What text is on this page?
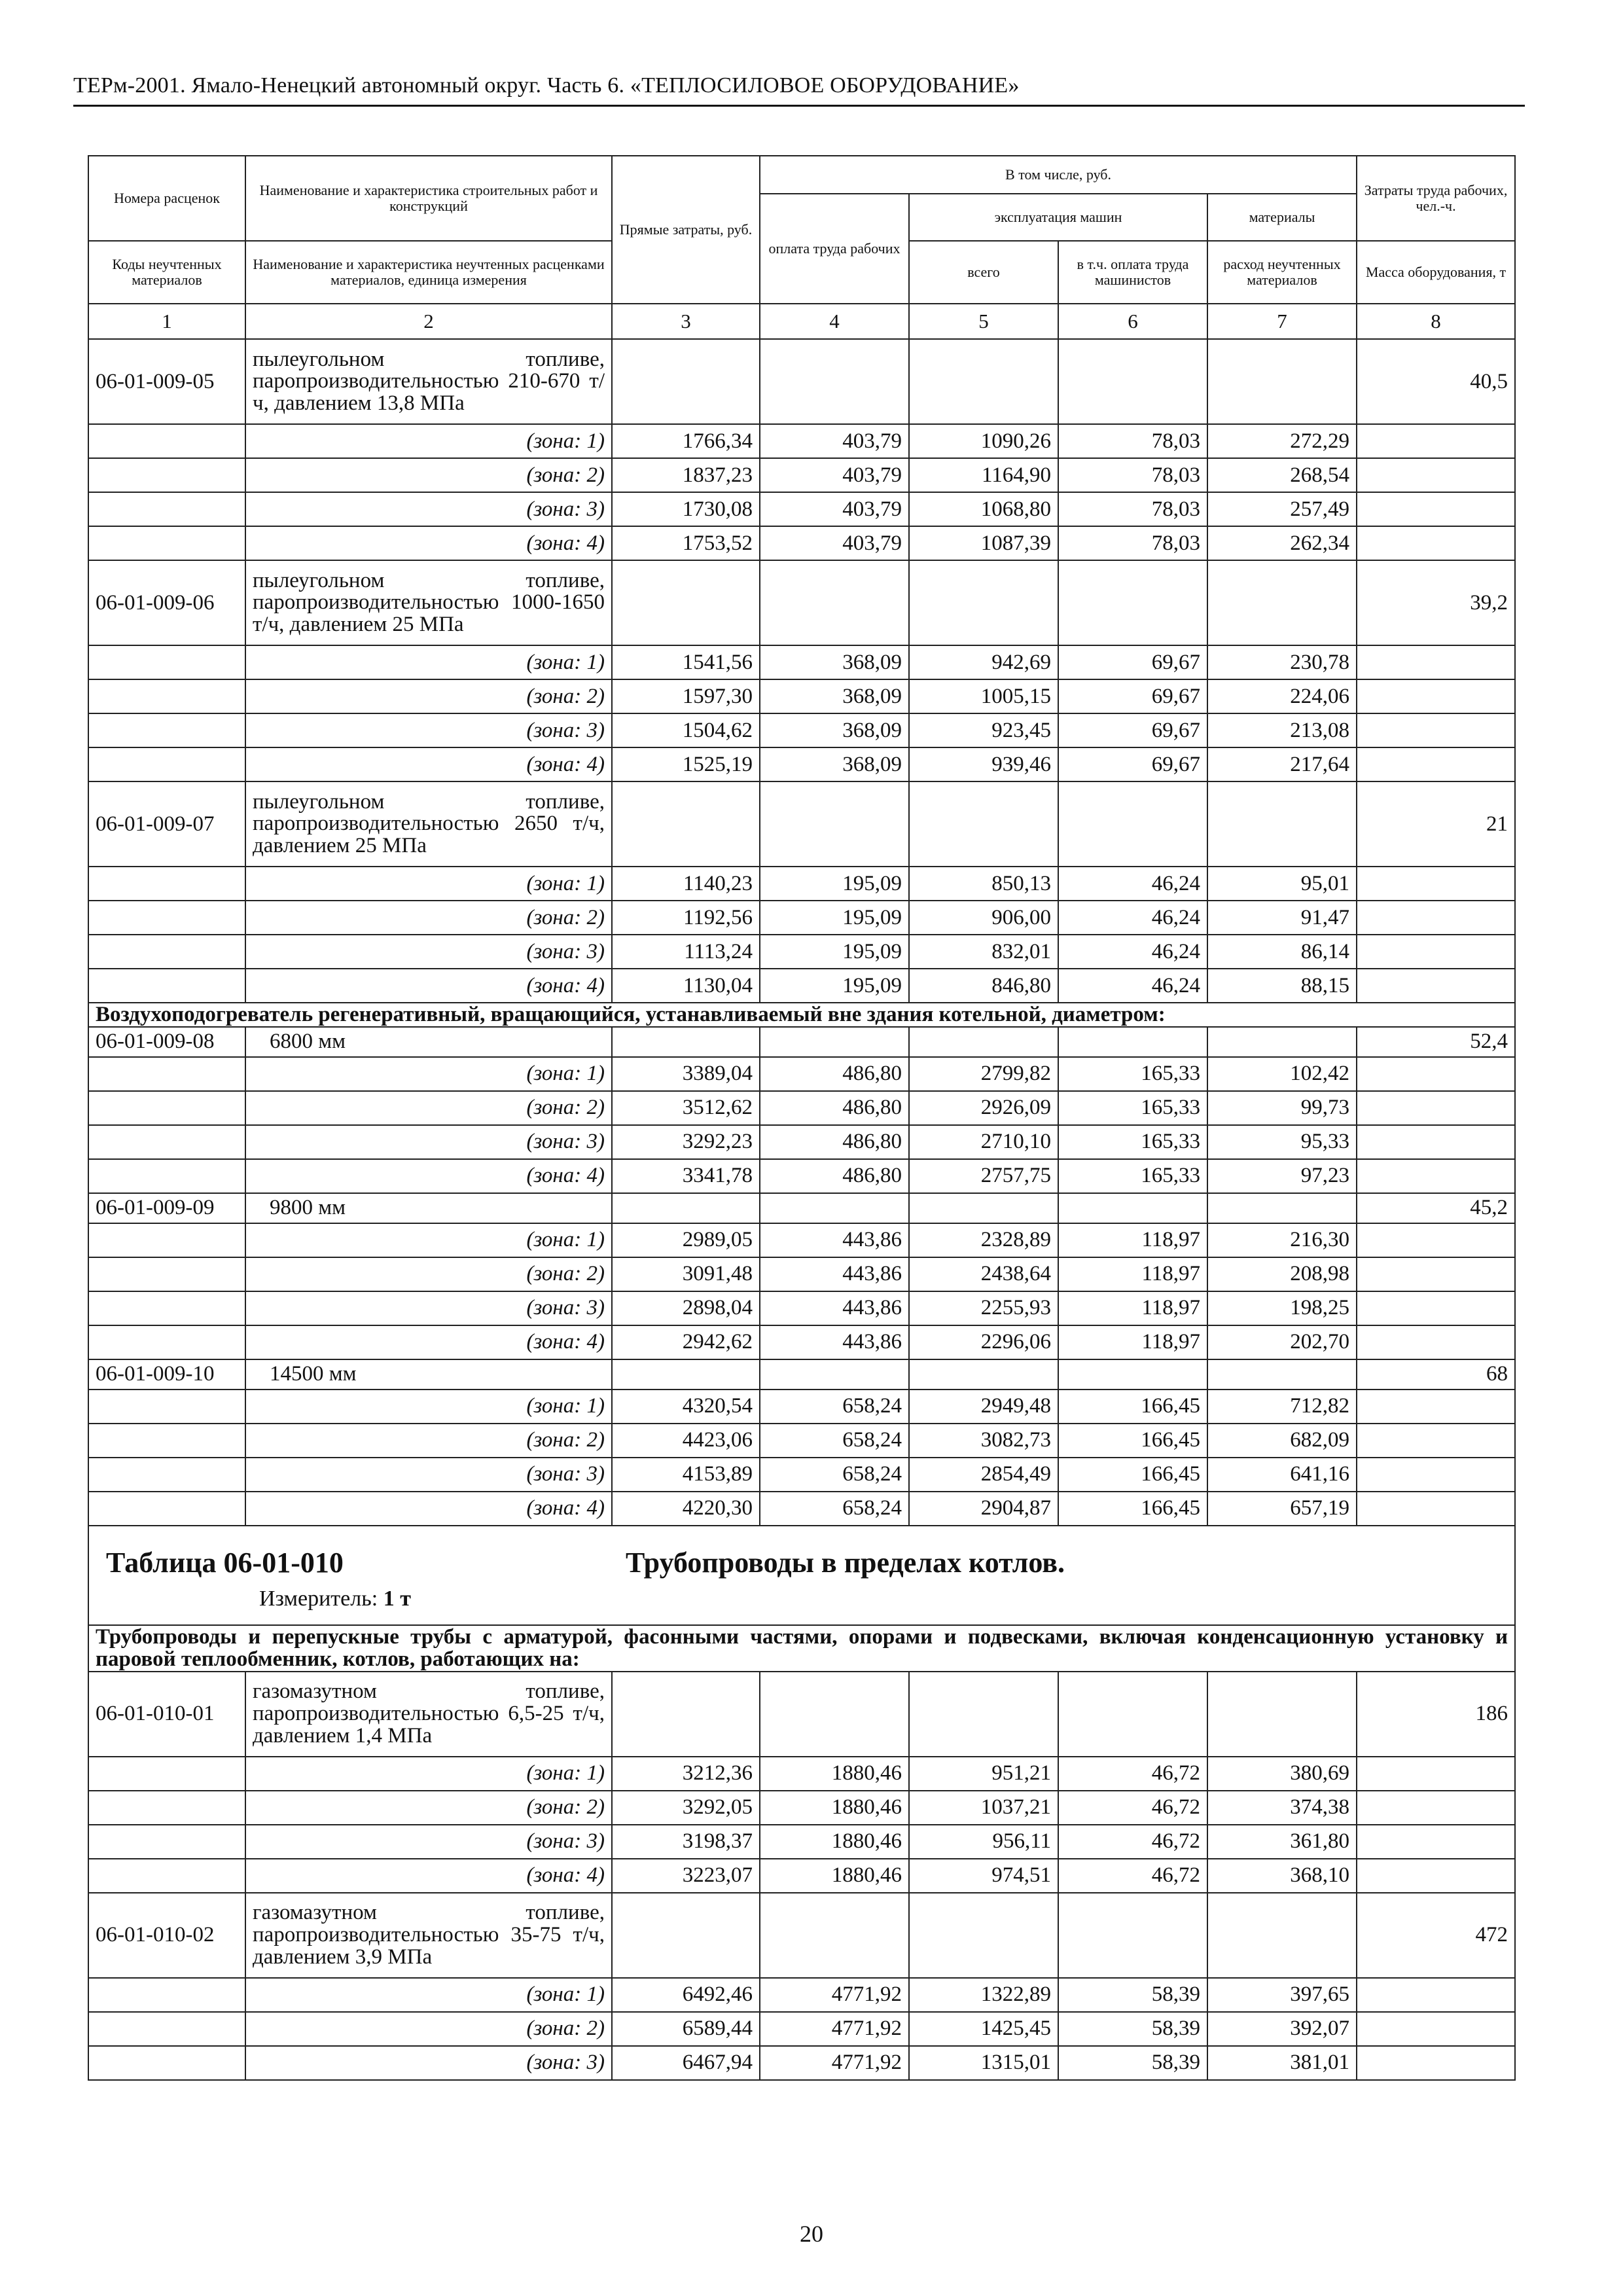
ТЕРм-2001. Ямало-Ненецкий автономный округ. Часть 6. «ТЕПЛОСИЛОВОЕ ОБОРУДОВАНИЕ»
Номера расценок	Наименование и характеристика строительных работ и конструкций	Прямые затраты, руб.	В том числе, руб.				Затраты труда рабочих, чел.-ч.
			оплата труда рабочих	эксплуатация машин		материалы	
Коды неучтенных материалов	Наименование и характеристика неучтенных расценками материалов, единица измерения			всего	в т.ч. оплата труда машинистов	расход неучтенных материалов	Масса оборудования, т
1	2	3	4	5	6	7	8
06-01-009-05	пылеугольном топливе, паропроизводительностью 210-670 т/ч, давлением 13,8 МПа						40,5
	(зона: 1)	1766,34	403,79	1090,26	78,03	272,29	
	(зона: 2)	1837,23	403,79	1164,90	78,03	268,54	
	(зона: 3)	1730,08	403,79	1068,80	78,03	257,49	
	(зона: 4)	1753,52	403,79	1087,39	78,03	262,34	
06-01-009-06	пылеугольном топливе, паропроизводительностью 1000-1650 т/ч, давлением 25 МПа						39,2
	(зона: 1)	1541,56	368,09	942,69	69,67	230,78	
	(зона: 2)	1597,30	368,09	1005,15	69,67	224,06	
	(зона: 3)	1504,62	368,09	923,45	69,67	213,08	
	(зона: 4)	1525,19	368,09	939,46	69,67	217,64	
06-01-009-07	пылеугольном топливе, паропроизводительностью 2650 т/ч, давлением 25 МПа						21
	(зона: 1)	1140,23	195,09	850,13	46,24	95,01	
	(зона: 2)	1192,56	195,09	906,00	46,24	91,47	
	(зона: 3)	1113,24	195,09	832,01	46,24	86,14	
	(зона: 4)	1130,04	195,09	846,80	46,24	88,15	
Воздухоподогреватель регенеративный, вращающийся, устанавливаемый вне здания котельной, диаметром:							
06-01-009-08	6800 мм						52,4
	(зона: 1)	3389,04	486,80	2799,82	165,33	102,42	
	(зона: 2)	3512,62	486,80	2926,09	165,33	99,73	
	(зона: 3)	3292,23	486,80	2710,10	165,33	95,33	
	(зона: 4)	3341,78	486,80	2757,75	165,33	97,23	
06-01-009-09	9800 мм						45,2
	(зона: 1)	2989,05	443,86	2328,89	118,97	216,30	
	(зона: 2)	3091,48	443,86	2438,64	118,97	208,98	
	(зона: 3)	2898,04	443,86	2255,93	118,97	198,25	
	(зона: 4)	2942,62	443,86	2296,06	118,97	202,70	
06-01-009-10	14500 мм						68
	(зона: 1)	4320,54	658,24	2949,48	166,45	712,82	
	(зона: 2)	4423,06	658,24	3082,73	166,45	682,09	
	(зона: 3)	4153,89	658,24	2854,49	166,45	641,16	
	(зона: 4)	4220,30	658,24	2904,87	166,45	657,19	

Таблица 06-01-010 Трубопроводы в пределах котлов.
Измеритель: 1 т							

Трубопроводы и перепускные трубы с арматурой, фасонными частями, опорами и подвесками, включая конденсационную установку и паровой теплообменник, котлов, работающих на:							
06-01-010-01	газомазутном топливе, паропроизводительностью 6,5-25 т/ч, давлением 1,4 МПа						186
	(зона: 1)	3212,36	1880,46	951,21	46,72	380,69	
	(зона: 2)	3292,05	1880,46	1037,21	46,72	374,38	
	(зона: 3)	3198,37	1880,46	956,11	46,72	361,80	
	(зона: 4)	3223,07	1880,46	974,51	46,72	368,10	
06-01-010-02	газомазутном топливе, паропроизводительностью 35-75 т/ч, давлением 3,9 МПа						472
	(зона: 1)	6492,46	4771,92	1322,89	58,39	397,65	
	(зона: 2)	6589,44	4771,92	1425,45	58,39	392,07	
	(зона: 3)	6467,94	4771,92	1315,01	58,39	381,01	
20
